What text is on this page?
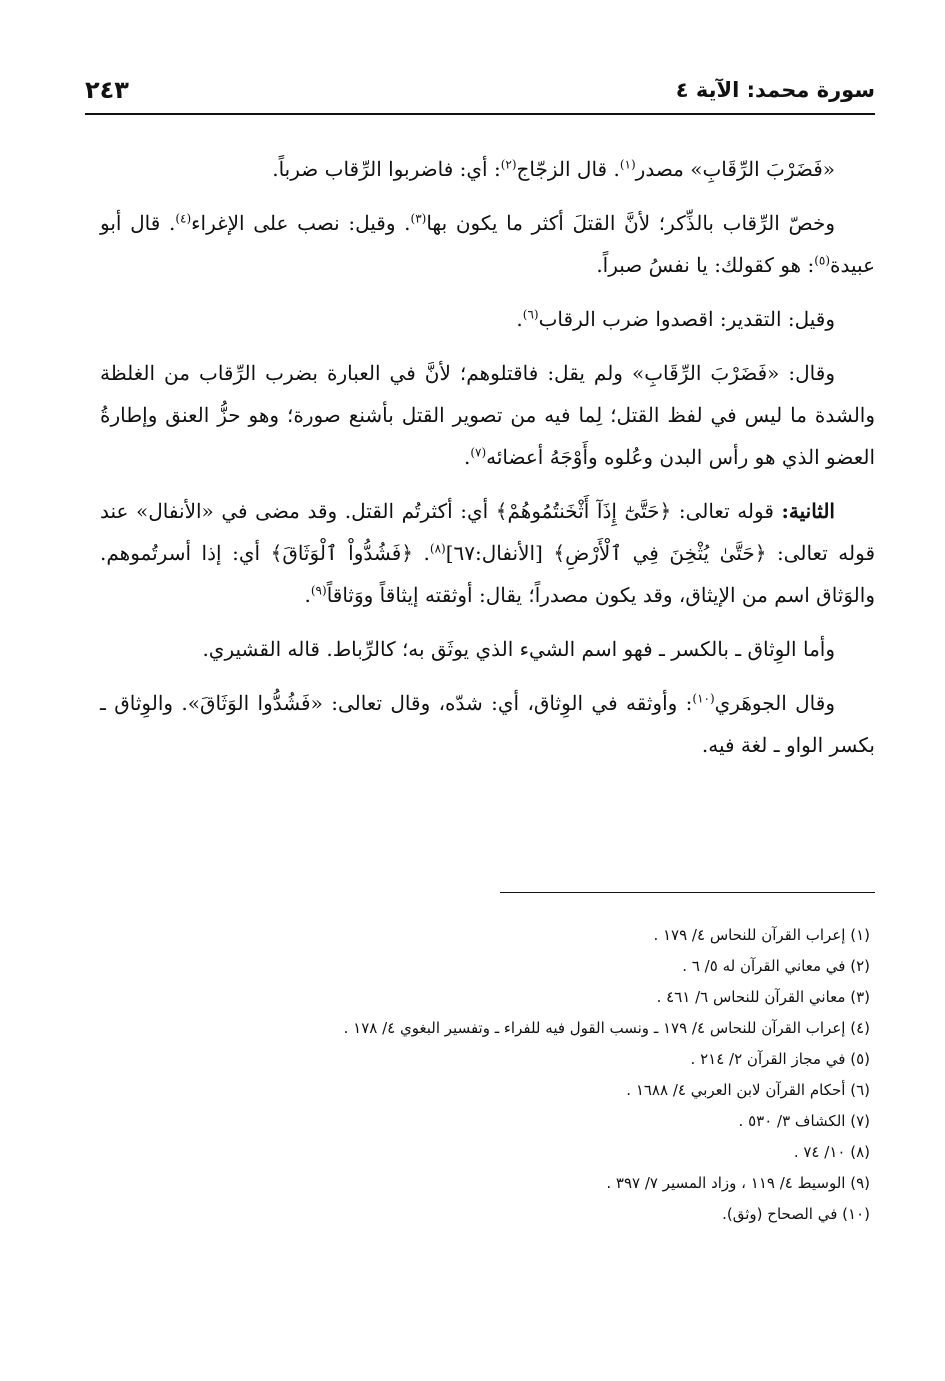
سورة محمد: الآية ٤
٢٤٣

«فَضَرْبَ الرِّقَابِ» مصدر$^{(١)}$. قال الزجّاج$^{(٢)}$: أي: فاضربوا الرِّقاب ضرباً.

وخصّ الرِّقاب بالذِّكر؛ لأنَّ القتلَ أكثر ما يكون بها$^{(٣)}$. وقيل: نصب على الإغراء$^{(٤)}$. قال أبو عبيدة$^{(٥)}$: هو كقولك: يا نفسُ صبراً.

وقيل: التقدير: اقصدوا ضرب الرقاب$^{(٦)}$.

وقال: «فَضَرْبَ الرِّقَابِ» ولم يقل: فاقتلوهم؛ لأنَّ في العبارة بضرب الرِّقاب من الغلظة والشدة ما ليس في لفظ القتل؛ لِما فيه من تصوير القتل بأشنع صورة؛ وهو حزُّ العنق وإطارةُ العضو الذي هو رأس البدن وعُلوه وأَوْجَهُ أعضائه$^{(٧)}$.

الثانية: قوله تعالى: ﴿حَتَّىٰٓ إِذَآ أَثْخَنتُمُوهُمْ﴾ أي: أكثرتُم القتل. وقد مضى في «الأنفال» عند قوله تعالى: ﴿حَتَّىٰ يُثْخِنَ فِي ٱلْأَرْضِ﴾ [الأنفال:٦٧]$^{(٨)}$. ﴿فَشُدُّواْ ٱلْوَثَاقَ﴾ أي: إذا أسرتُموهم. والوَثاق اسم من الإيثاق، وقد يكون مصدراً؛ يقال: أوثقته إيثاقاً ووَثاقاً$^{(٩)}$.

وأما الوِثاق ـ بالكسر ـ فهو اسم الشيء الذي يوثَق به؛ كالرِّباط. قاله القشيري.

وقال الجوهَري$^{(١٠)}$: وأوثقه في الوِثاق، أي: شدّه، وقال تعالى: «فَشُدُّوا الوَثَاقَ». والوِثاق ـ بكسر الواو ـ لغة فيه.

(١) إعراب القرآن للنحاس ٤/ ١٧٩ .
(٢) في معاني القرآن له ٥/ ٦ .
(٣) معاني القرآن للنحاس ٦/ ٤٦١ .
(٤) إعراب القرآن للنحاس ٤/ ١٧٩ ـ ونسب القول فيه للفراء ـ وتفسير البغوي ٤/ ١٧٨ .
(٥) في مجاز القرآن ٢/ ٢١٤ .
(٦) أحكام القرآن لابن العربي ٤/ ١٦٨٨ .
(٧) الكشاف ٣/ ٥٣٠ .
(٨) ١٠/ ٧٤ .
(٩) الوسيط ٤/ ١١٩ ، وزاد المسير ٧/ ٣٩٧ .
(١٠) في الصحاح (وثق).
